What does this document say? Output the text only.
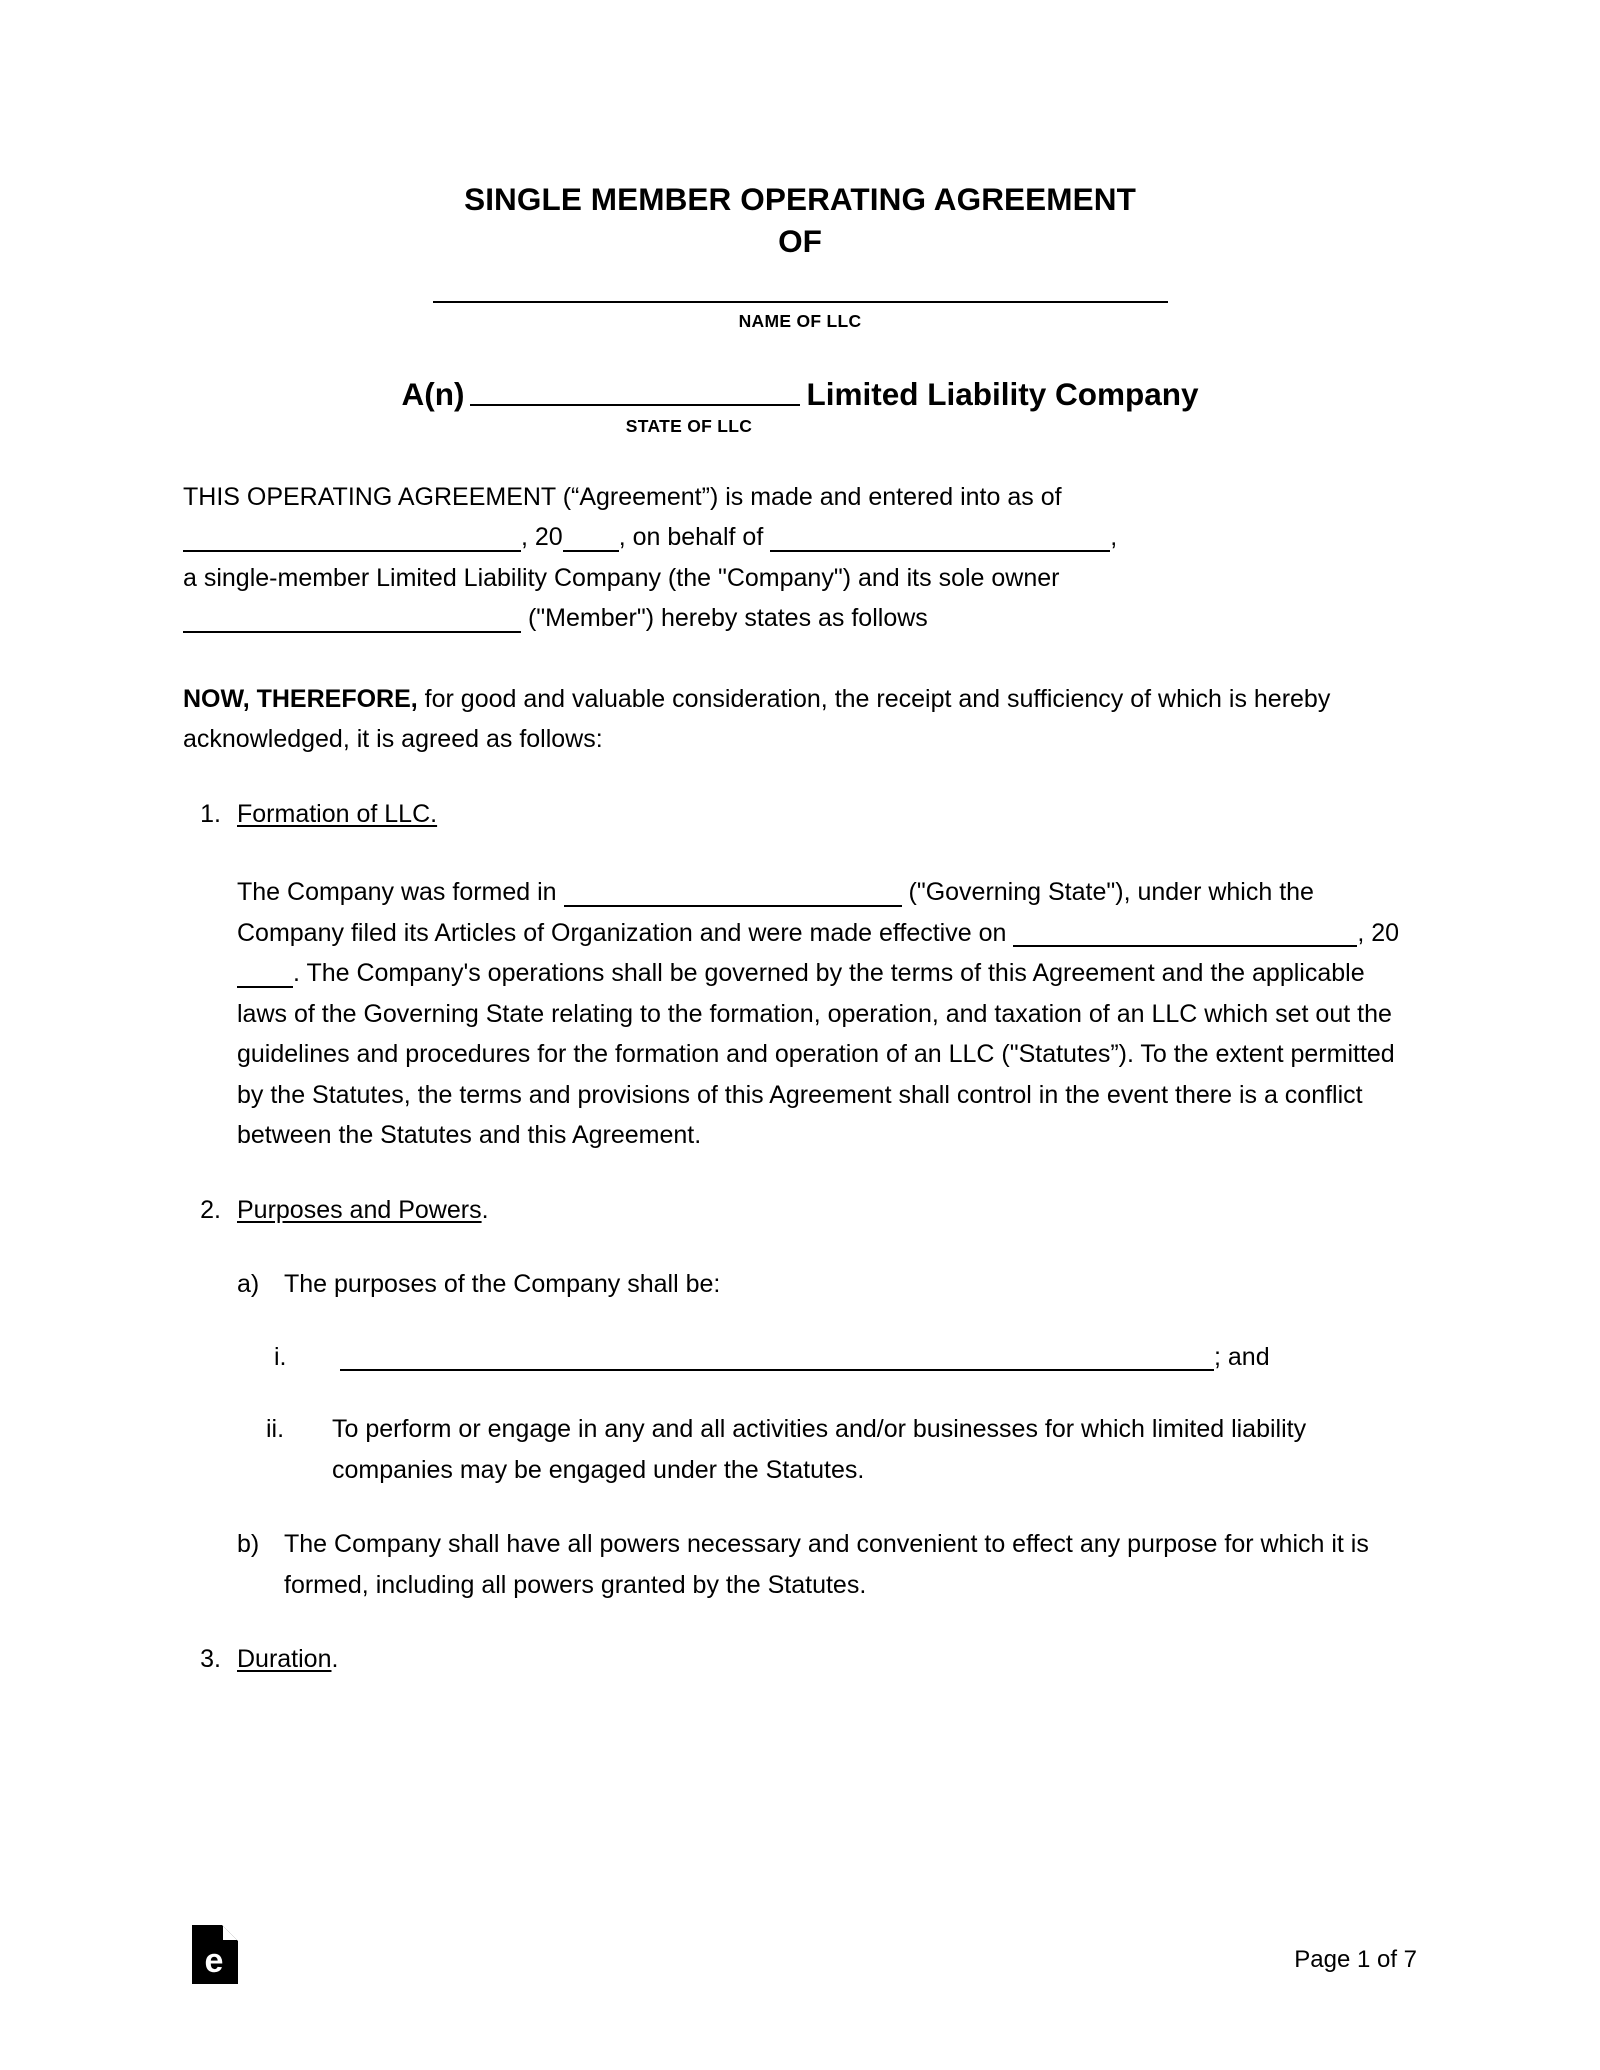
SINGLE MEMBER OPERATING AGREEMENT
OF
NAME OF LLC
A(n)	Limited Liability Company
STATE OF LLC
THIS OPERATING AGREEMENT (“Agreement”) is made and entered into as of
, 20 , on behalf of	,
a single-member Limited Liability Company (the "Company") and its sole owner
("Member") hereby states as follows
NOW, THEREFORE, for good and valuable consideration, the receipt and sufficiency of which is hereby acknowledged, it is agreed as follows:
1. Formation of LLC.
The Company was formed in	("Governing State"), under which the Company filed its Articles of Organization and were made effective on	, 20. The Company's operations shall be governed by the terms of this Agreement and the applicable laws of the Governing State relating to the formation, operation, and taxation of an LLC which set out the guidelines and procedures for the formation and operation of an LLC ("Statutes”). To the extent permitted by the Statutes, the terms and provisions of this Agreement shall control in the event there is a conflict between the Statutes and this Agreement.
2. Purposes and Powers.
a) The purposes of the Company shall be:
i.	; and
ii.	To perform or engage in any and all activities and/or businesses for which limited liability companies may be engaged under the Statutes.
b) The Company shall have all powers necessary and convenient to effect any purpose for which it is formed, including all powers granted by the Statutes.
3. Duration.
e	Page 1 of 7
